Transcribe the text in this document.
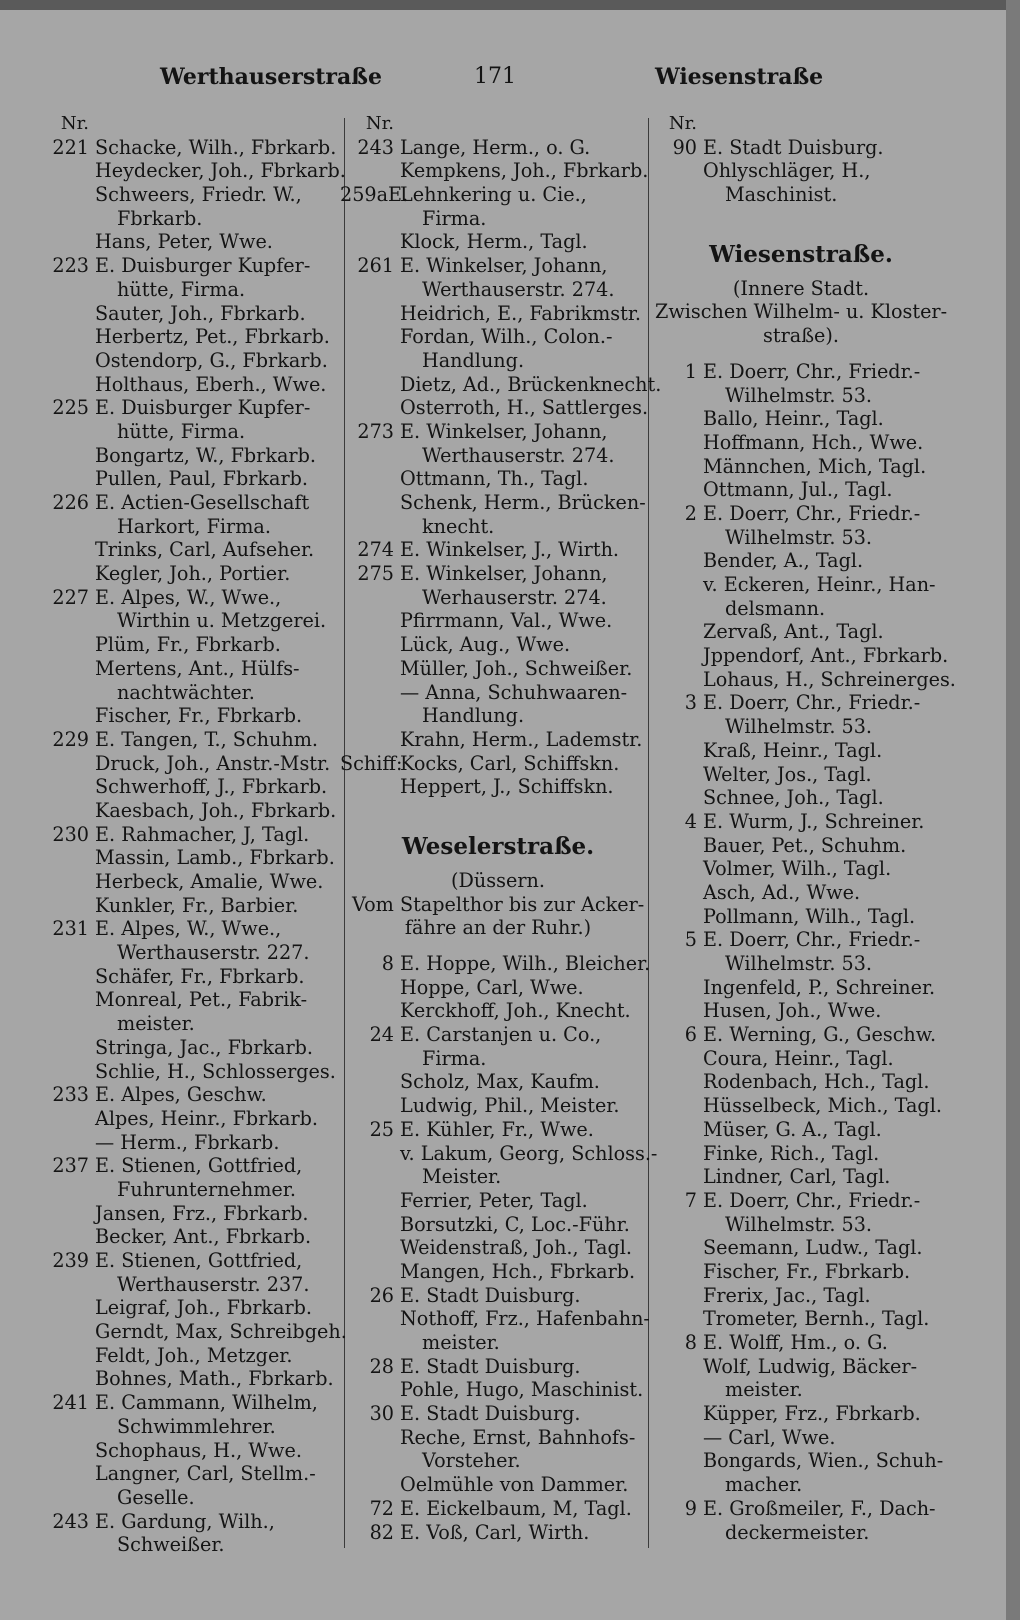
Werthauserstraße	171	Wiesenstraße
Nr.
221 Schacke, Wilh., Fbrkarb.
Heydecker, Joh., Fbrkarb.
Schweers, Friedr. W.,
Fbrkarb.
Hans, Peter, Wwe.
223 E. Duisburger Kupfer-
hütte, Firma.
Sauter, Joh., Fbrkarb.
Herbertz, Pet., Fbrkarb.
Ostendorp, G., Fbrkarb.
Holthaus, Eberh., Wwe.
225 E. Duisburger Kupfer-
hütte, Firma.
Bongartz, W., Fbrkarb.
Pullen, Paul, Fbrkarb.
226 E. Actien-Gesellschaft
Harkort, Firma.
Trinks, Carl, Aufseher.
Kegler, Joh., Portier.
227 E. Alpes, W., Wwe.,
Wirthin u. Metzgerei.
Plüm, Fr., Fbrkarb.
Mertens, Ant., Hülfs-
nachtwächter.
Fischer, Fr., Fbrkarb.
229 E. Tangen, T., Schuhm.
Druck, Joh., Anstr.-Mstr.
Schwerhoff, J., Fbrkarb.
Kaesbach, Joh., Fbrkarb.
230 E. Rahmacher, J, Tagl.
Massin, Lamb., Fbrkarb.
Herbeck, Amalie, Wwe.
Kunkler, Fr., Barbier.
231 E. Alpes, W., Wwe.,
Werthauserstr. 227.
Schäfer, Fr., Fbrkarb.
Monreal, Pet., Fabrik-
meister.
Stringa, Jac., Fbrkarb.
Schlie, H., Schlosserges.
233 E. Alpes, Geschw.
Alpes, Heinr., Fbrkarb.
— Herm., Fbrkarb.
237 E. Stienen, Gottfried,
Fuhrunternehmer.
Jansen, Frz., Fbrkarb.
Becker, Ant., Fbrkarb.
239 E. Stienen, Gottfried,
Werthauserstr. 237.
Leigraf, Joh., Fbrkarb.
Gerndt, Max, Schreibgeh.
Feldt, Joh., Metzger.
Bohnes, Math., Fbrkarb.
241 E. Cammann, Wilhelm,
Schwimmlehrer.
Schophaus, H., Wwe.
Langner, Carl, Stellm.-
Geselle.
243 E. Gardung, Wilh.,
Schweißer.
Nr.
243 Lange, Herm., o. G.
Kempkens, Joh., Fbrkarb.
259aE.
Lehnkering u. Cie.,
Firma.
Klock, Herm., Tagl.
261 E. Winkelser, Johann,
Werthauserstr. 274.
Heidrich, E., Fabrikmstr.
Fordan, Wilh., Colon.-
Handlung.
Dietz, Ad., Brückenknecht.
Osterroth, H., Sattlerges.
273 E. Winkelser, Johann,
Werthauserstr. 274.
Ottmann, Th., Tagl.
Schenk, Herm., Brücken-
knecht.
274 E. Winkelser, J., Wirth.
275 E. Winkelser, Johann,
Werhauserstr. 274.
Pfirrmann, Val., Wwe.
Lück, Aug., Wwe.
Müller, Joh., Schweißer.
— Anna, Schuhwaaren-
Handlung.
Krahn, Herm., Lademstr.
Schiff:
Kocks, Carl, Schiffskn.
Heppert, J., Schiffskn.
Weselerstraße.
(Düssern.
Vom Stapelthor bis zur Acker-
fähre an der Ruhr.)
8 E. Hoppe, Wilh., Bleicher.
Hoppe, Carl, Wwe.
Kerckhoff, Joh., Knecht.
24 E. Carstanjen u. Co.,
Firma.
Scholz, Max, Kaufm.
Ludwig, Phil., Meister.
25 E. Kühler, Fr., Wwe.
v. Lakum, Georg, Schloss.-
Meister.
Ferrier, Peter, Tagl.
Borsutzki, C, Loc.-Führ.
Weidenstraß, Joh., Tagl.
Mangen, Hch., Fbrkarb.
26 E. Stadt Duisburg.
Nothoff, Frz., Hafenbahn-
meister.
28 E. Stadt Duisburg.
Pohle, Hugo, Maschinist.
30 E. Stadt Duisburg.
Reche, Ernst, Bahnhofs-
Vorsteher.
Oelmühle von Dammer.
72 E. Eickelbaum, M, Tagl.
82 E. Voß, Carl, Wirth.
Nr.
90 E. Stadt Duisburg.
Ohlyschläger, H.,
Maschinist.
Wiesenstraße.
(Innere Stadt.
Zwischen Wilhelm- u. Kloster-
straße).
1 E. Doerr, Chr., Friedr.-
Wilhelmstr. 53.
Ballo, Heinr., Tagl.
Hoffmann, Hch., Wwe.
Männchen, Mich, Tagl.
Ottmann, Jul., Tagl.
2 E. Doerr, Chr., Friedr.-
Wilhelmstr. 53.
Bender, A., Tagl.
v. Eckeren, Heinr., Han-
delsmann.
Zervaß, Ant., Tagl.
Jppendorf, Ant., Fbrkarb.
Lohaus, H., Schreinerges.
3 E. Doerr, Chr., Friedr.-
Wilhelmstr. 53.
Kraß, Heinr., Tagl.
Welter, Jos., Tagl.
Schnee, Joh., Tagl.
4 E. Wurm, J., Schreiner.
Bauer, Pet., Schuhm.
Volmer, Wilh., Tagl.
Asch, Ad., Wwe.
Pollmann, Wilh., Tagl.
5 E. Doerr, Chr., Friedr.-
Wilhelmstr. 53.
Ingenfeld, P., Schreiner.
Husen, Joh., Wwe.
6 E. Werning, G., Geschw.
Coura, Heinr., Tagl.
Rodenbach, Hch., Tagl.
Hüsselbeck, Mich., Tagl.
Müser, G. A., Tagl.
Finke, Rich., Tagl.
Lindner, Carl, Tagl.
7 E. Doerr, Chr., Friedr.-
Wilhelmstr. 53.
Seemann, Ludw., Tagl.
Fischer, Fr., Fbrkarb.
Frerix, Jac., Tagl.
Trometer, Bernh., Tagl.
8 E. Wolff, Hm., o. G.
Wolf, Ludwig, Bäcker-
meister.
Küpper, Frz., Fbrkarb.
— Carl, Wwe.
Bongards, Wien., Schuh-
macher.
9 E. Großmeiler, F., Dach-
deckermeister.
